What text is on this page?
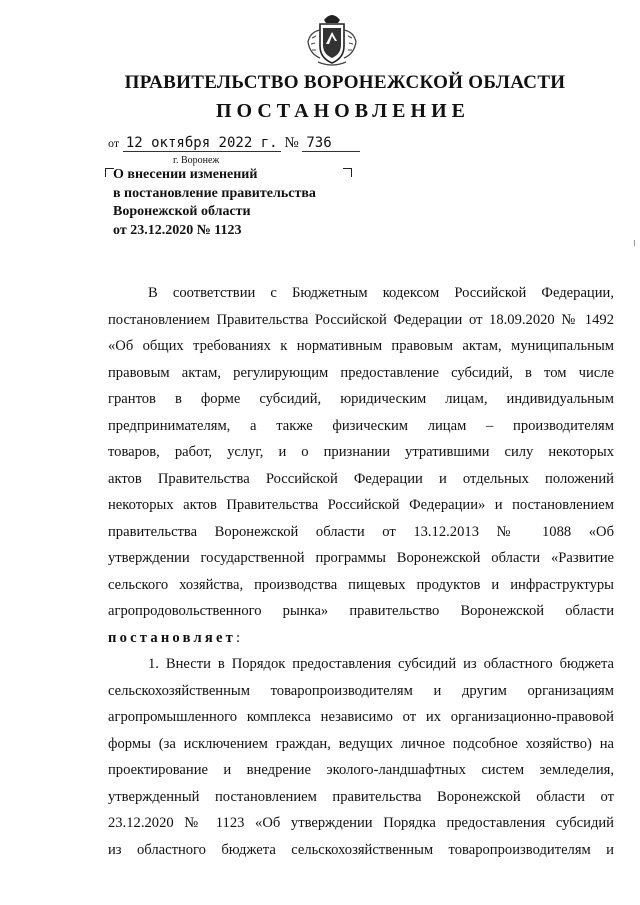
ПРАВИТЕЛЬСТВО ВОРОНЕЖСКОЙ ОБЛАСТИ
ПОСТАНОВЛЕНИЕ
от 12 октября 2022 г. № 736
г. Воронеж
О внесении изменений
в постановление правительства
Воронежской области
от 23.12.2020 № 1123
В соответствии с Бюджетным кодексом Российской Федерации,
постановлением Правительства Российской Федерации от 18.09.2020 № 1492
«Об общих требованиях к нормативным правовым актам, муниципальным
правовым актам, регулирующим предоставление субсидий, в том числе
грантов в форме субсидий, юридическим лицам, индивидуальным
предпринимателям, а также физическим лицам – производителям
товаров, работ, услуг, и о признании утратившими силу некоторых
актов Правительства Российской Федерации и отдельных положений
некоторых актов Правительства Российской Федерации» и постановлением
правительства Воронежской области от 13.12.2013 № 1088 «Об
утверждении государственной программы Воронежской области «Развитие
сельского хозяйства, производства пищевых продуктов и инфраструктуры
агропродовольственного рынка» правительство Воронежской области
постановляет:
1. Внести в Порядок предоставления субсидий из областного бюджета
сельскохозяйственным товаропроизводителям и другим организациям
агропромышленного комплекса независимо от их организационно-правовой
формы (за исключением граждан, ведущих личное подсобное хозяйство) на
проектирование и внедрение эколого-ландшафтных систем земледелия,
утвержденный постановлением правительства Воронежской области от
23.12.2020 № 1123 «Об утверждении Порядка предоставления субсидий
из областного бюджета сельскохозяйственным товаропроизводителям и
